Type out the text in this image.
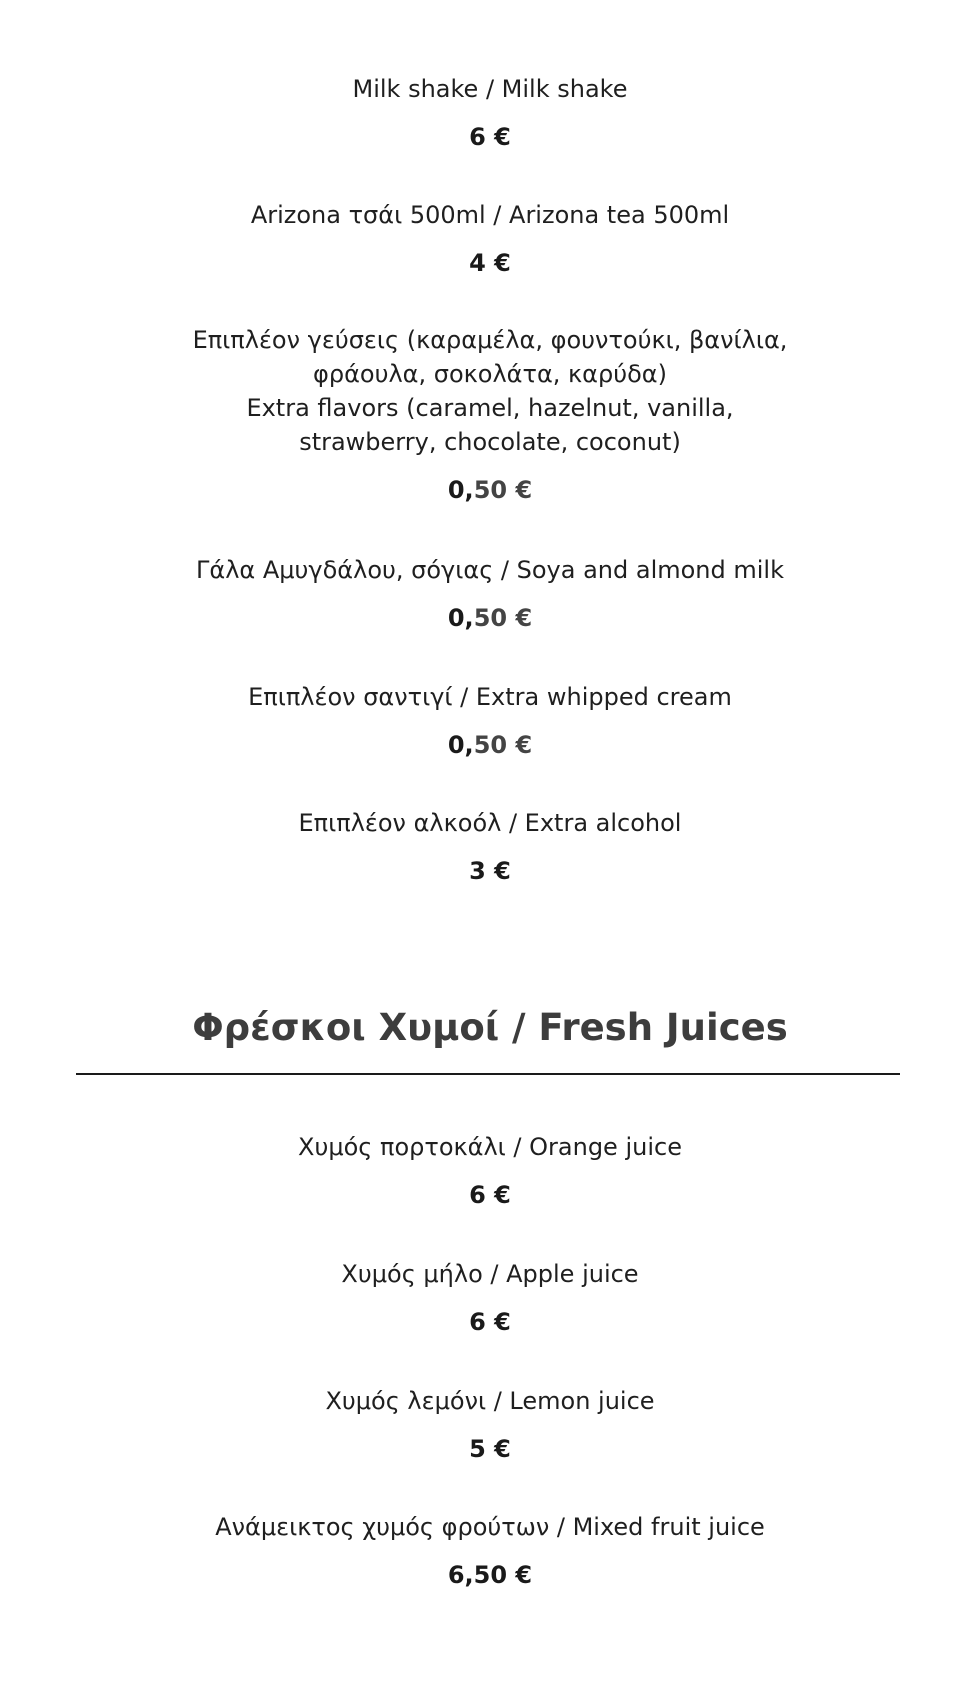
Milk shake / Milk shake
6 €
Arizona τσάι 500ml / Arizona tea 500ml
4 €
Επιπλέον γεύσεις (καραμέλα, φουντούκι, βανίλια,
φράουλα, σοκολάτα, καρύδα)
Extra flavors (caramel, hazelnut, vanilla,
strawberry, chocolate, coconut)
0,50 €
Γάλα Αμυγδάλου, σόγιας / Soya and almond milk
0,50 €
Επιπλέον σαντιγί / Extra whipped cream
0,50 €
Επιπλέον αλκοόλ / Extra alcohol
3 €
Φρέσκοι Χυμοί / Fresh Juices
Χυμός πορτοκάλι / Orange juice
6 €
Χυμός μήλο / Apple juice
6 €
Χυμός λεμόνι / Lemon juice
5 €
Ανάμεικτος χυμός φρούτων / Mixed fruit juice
6,50 €
